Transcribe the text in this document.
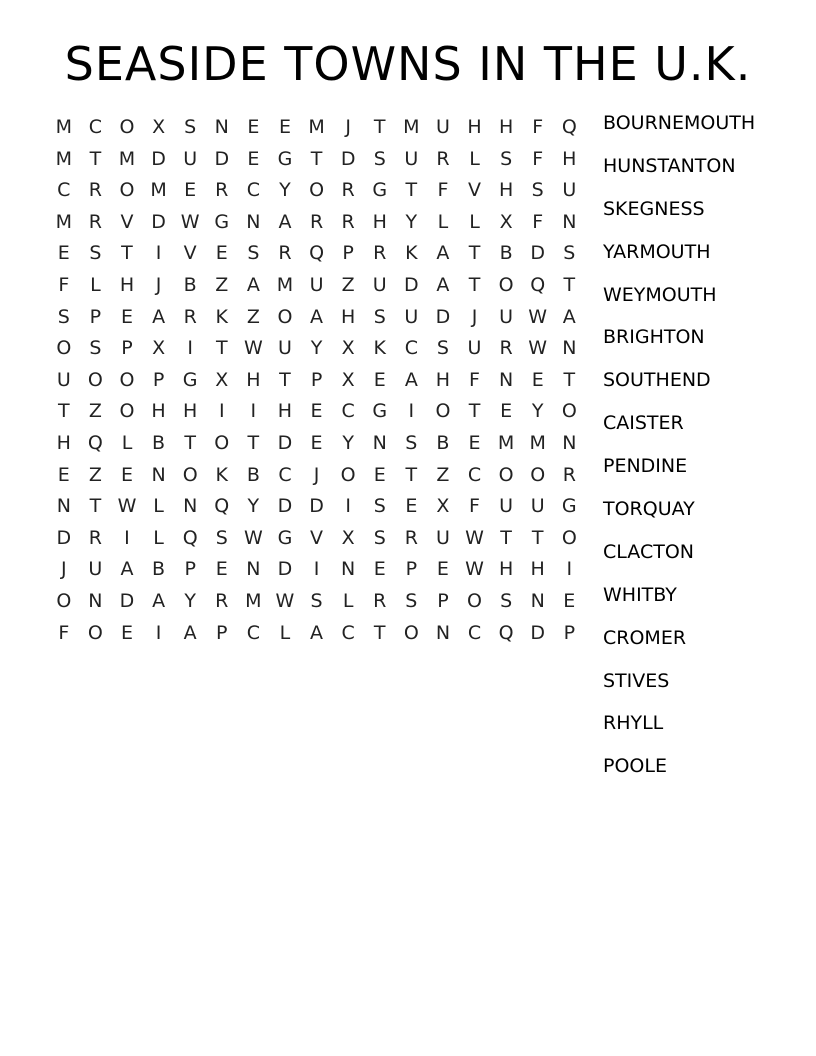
SEASIDE TOWNS IN THE U.K.
M C O X	S N E	E M	J	T M U H H F Q
M T M D U D E G T D S U R	L	S	F H
C R O M E R C	Y O R G T	F	V H S U
M R V D W G N A R R H Y	L	L	X	F	N
E	S	T	I	V	E	S R Q P	R K A	T	B D S
F	L	H	J	B Z A M U Z U D A	T O Q T
S	P	E	A R K Z O A H S U D	J	U W A
O S	P	X	I	T W U Y	X K C S U R W N
U O O P G X H T	P	X	E	A H F	N E	T
T	Z O H H	I	I	H E C G	I	O T	E	Y O
H Q L	B	T O T D E	Y N S	B	E M M N
E	Z	E N O K B C	J	O E	T	Z C O O R
N T W L	N Q Y D D	I	S	E	X	F	U U G
D R	I	L Q S W G V X	S R U W T	T O
J	U A B	P	E N D	I	N E	P	E W H H	I
O N D A	Y	R M W S	L	R S	P O S N E
F O E	I	A	P	C	L	A C	T O N C Q D P
BOURNEMOUTH
HUNSTANTON
SKEGNESS
YARMOUTH
WEYMOUTH
BRIGHTON
SOUTHEND
CAISTER
PENDINE
TORQUAY
CLACTON
WHITBY
CROMER
STIVES
RHYLL
POOLE
